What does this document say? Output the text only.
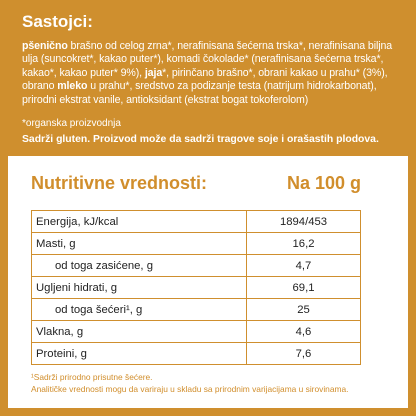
Sastojci:

pšenično brašno od celog zrna*, nerafinisana šećerna trska*, nerafinisana biljna ulja (suncokret*, kakao puter*), komadi čokolade* (nerafinisana šećerna trska*, kakao*, kakao puter* 9%), jaja*, pirinčano brašno*, obrani kakao u prahu* (3%), obrano mleko u prahu*, sredstvo za podizanje testa (natrijum hidrokarbonat), prirodni ekstrat vanile, antioksidant (ekstrat bogat tokoferolom)

*organska proizvodnja

Sadrži gluten. Proizvod može da sadrži tragove soje i orašastih plodova.

Nutritivne vrednosti:	Na 100 g
Energija, kJ/kcal	1894/453
Masti, g	16,2
od toga zasićene, g	4,7
Ugljeni hidrati, g	69,1
od toga šećeri¹, g	25
Vlakna, g	4,6
Proteini, g	7,6
¹Sadrži prirodno prisutne šećere.
Analitičke vrednosti mogu da variraju u skladu sa prirodnim varijacijama u sirovinama.
